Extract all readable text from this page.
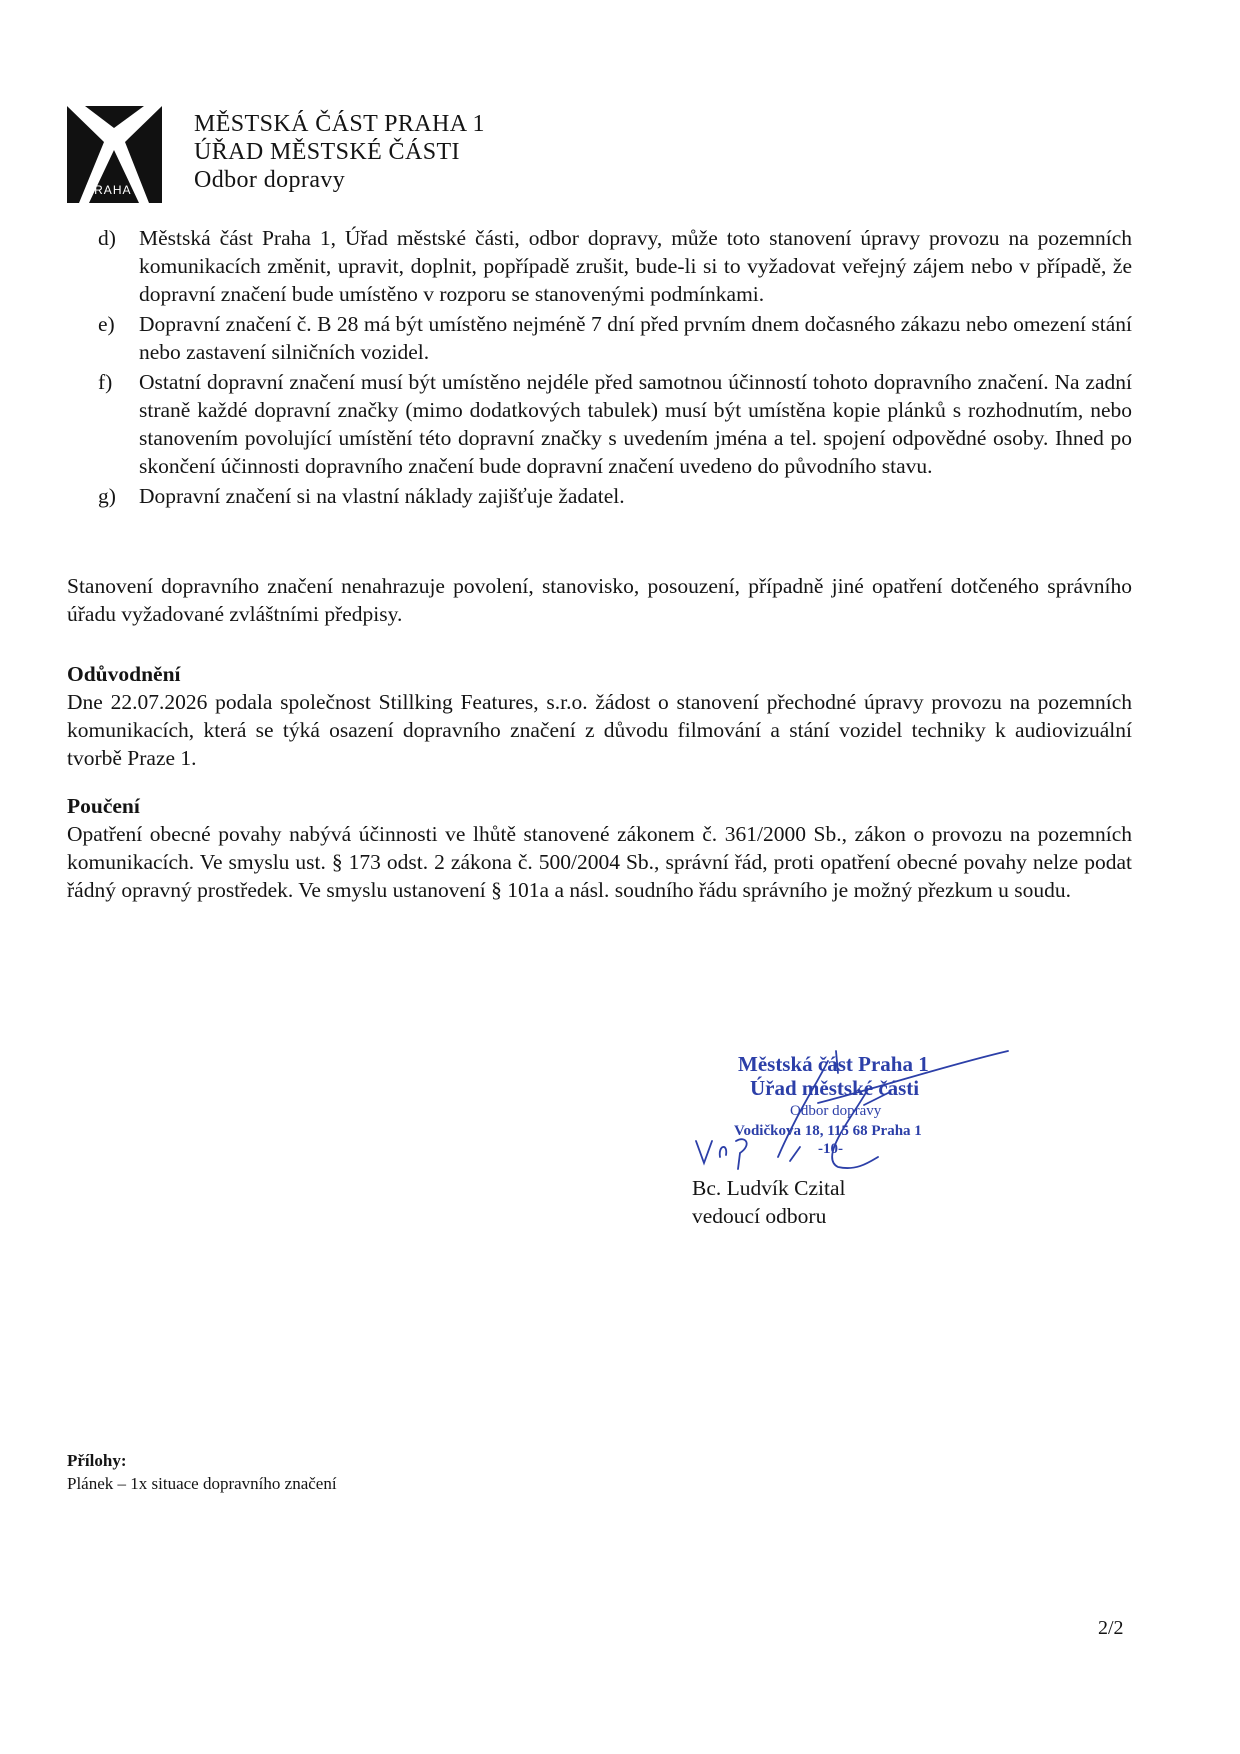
PRAHA 1
MĚSTSKÁ ČÁST PRAHA 1
ÚŘAD MĚSTSKÉ ČÁSTI
Odbor dopravy
d)	Městská část Praha 1, Úřad městské části, odbor dopravy, může toto stanovení úpravy provozu na pozemních komunikacích změnit, upravit, doplnit, popřípadě zrušit, bude-li si to vyžadovat veřejný zájem nebo v případě, že dopravní značení bude umístěno v rozporu se stanovenými podmínkami.
e)	Dopravní značení č. B 28 má být umístěno nejméně 7 dní před prvním dnem dočasného zákazu nebo omezení stání nebo zastavení silničních vozidel.
f)	Ostatní dopravní značení musí být umístěno nejdéle před samotnou účinností tohoto dopravního značení. Na zadní straně každé dopravní značky (mimo dodatkových tabulek) musí být umístěna kopie plánků s rozhodnutím, nebo stanovením povolující umístění této dopravní značky s uvedením jména a tel. spojení odpovědné osoby. Ihned po skončení účinnosti dopravního značení bude dopravní značení uvedeno do původního stavu.
g)	Dopravní značení si na vlastní náklady zajišťuje žadatel.
Stanovení dopravního značení nenahrazuje povolení, stanovisko, posouzení, případně jiné opatření dotčeného správního úřadu vyžadované zvláštními předpisy.
Odůvodnění
Dne 22.07.2026 podala společnost Stillking Features, s.r.o. žádost o stanovení přechodné úpravy provozu na pozemních komunikacích, která se týká osazení dopravního značení z důvodu filmování a stání vozidel techniky k audiovizuální tvorbě Praze 1.
Poučení
Opatření obecné povahy nabývá účinnosti ve lhůtě stanovené zákonem č. 361/2000 Sb., zákon o provozu na pozemních komunikacích. Ve smyslu ust. § 173 odst. 2 zákona č. 500/2004 Sb., správní řád, proti opatření obecné povahy nelze podat řádný opravný prostředek. Ve smyslu ustanovení § 101a a násl. soudního řádu správního je možný přezkum u soudu.
Městská část Praha 1
Úřad městské části
Odbor dopravy
Vodičkova 18, 115 68 Praha 1
-10-
Bc. Ludvík Czital
vedoucí odboru
Přílohy:
Plánek – 1x situace dopravního značení
2/2
